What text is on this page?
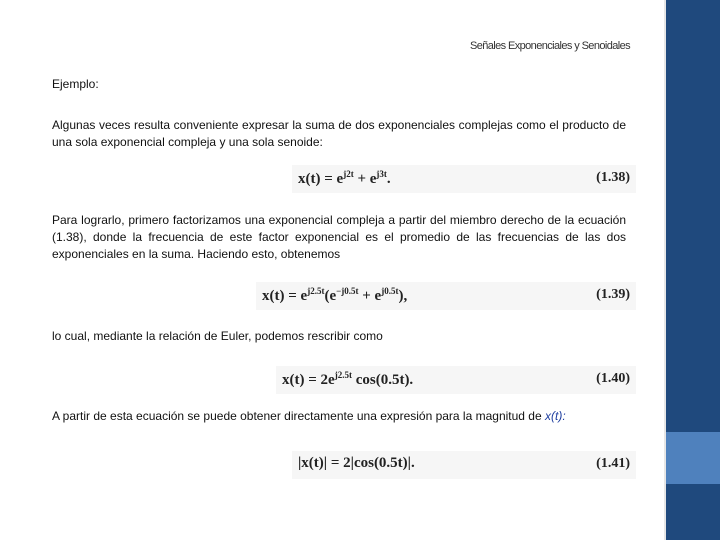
Señales Exponenciales y Senoidales
Ejemplo:
Algunas veces resulta conveniente expresar la suma de dos exponenciales complejas como el producto de una sola exponencial compleja y una sola senoide:
$x(t) = e^{j2t} + e^{j3t}$.	(1.38)
Para lograrlo, primero factorizamos una exponencial compleja a partir del miembro derecho de la ecuación (1.38), donde la frecuencia de este factor exponencial es el promedio de las frecuencias de las dos exponenciales en la suma. Haciendo esto, obtenemos
$x(t) = e^{j2.5t}(e^{-j0.5t} + e^{j0.5t})$,	(1.39)
lo cual, mediante la relación de Euler, podemos rescribir como
$x(t) = 2e^{j2.5t}$ cos(0.5t).	(1.40)
A partir de esta ecuación se puede obtener directamente una expresión para la magnitud de x(t):
|x(t)| = 2|cos(0.5t)|.	(1.41)
